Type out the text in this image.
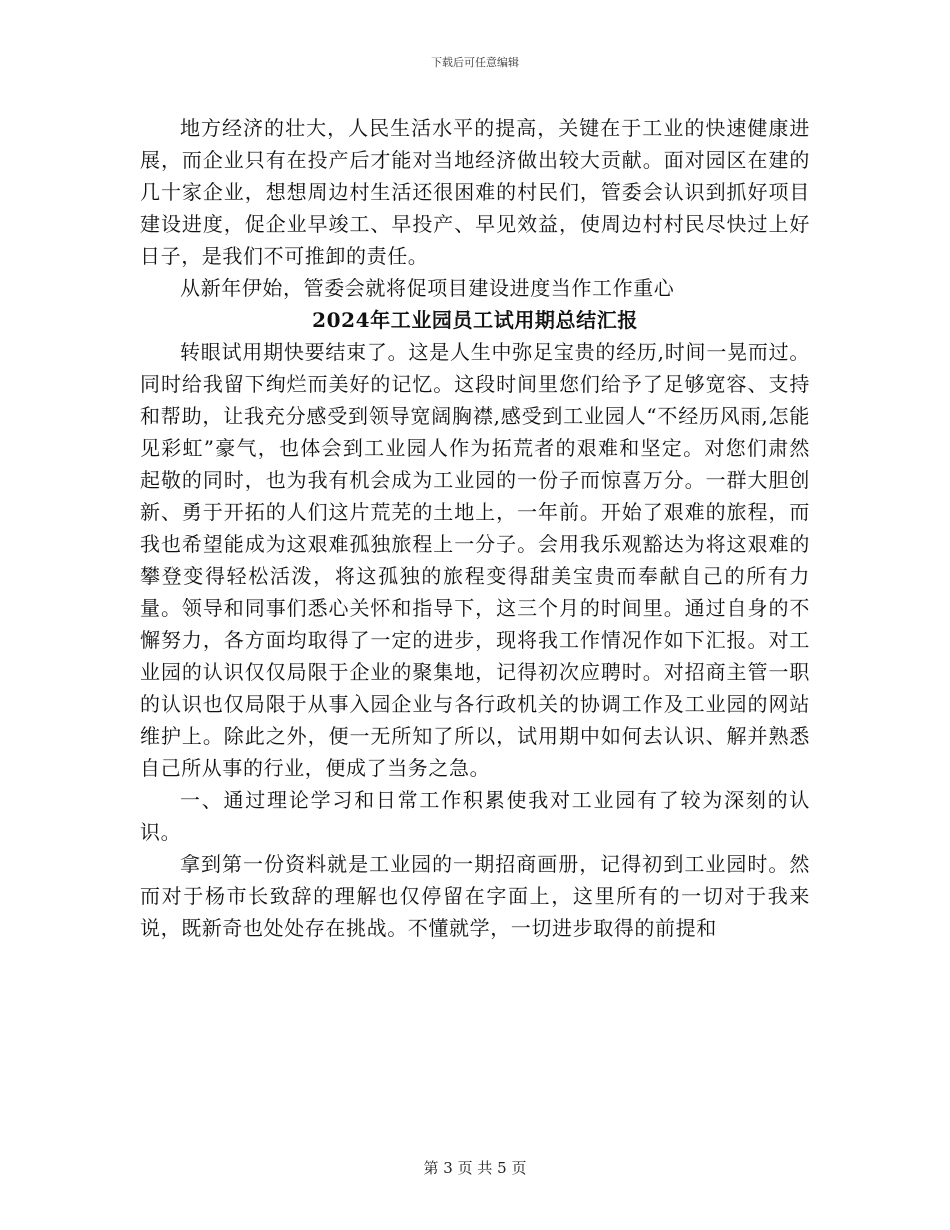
下载后可任意编辑

地方经济的壮大，人民生活水平的提高，关键在于工业的快速健康进展，而企业只有在投产后才能对当地经济做出较大贡献。面对园区在建的几十家企业，想想周边村生活还很困难的村民们，管委会认识到抓好项目建设进度，促企业早竣工、早投产、早见效益，使周边村村民尽快过上好日子，是我们不可推卸的责任。

从新年伊始，管委会就将促项目建设进度当作工作重心

2024年工业园员工试用期总结汇报

转眼试用期快要结束了。这是人生中弥足宝贵的经历,时间一晃而过。同时给我留下绚烂而美好的记忆。这段时间里您们给予了足够宽容、支持和帮助，让我充分感受到领导宽阔胸襟,感受到工业园人“不经历风雨,怎能见彩虹”豪气，也体会到工业园人作为拓荒者的艰难和坚定。对您们肃然起敬的同时，也为我有机会成为工业园的一份子而惊喜万分。一群大胆创新、勇于开拓的人们这片荒芜的土地上，一年前。开始了艰难的旅程，而我也希望能成为这艰难孤独旅程上一分子。会用我乐观豁达为将这艰难的攀登变得轻松活泼，将这孤独的旅程变得甜美宝贵而奉献自己的所有力量。领导和同事们悉心关怀和指导下，这三个月的时间里。通过自身的不懈努力，各方面均取得了一定的进步，现将我工作情况作如下汇报。对工业园的认识仅仅局限于企业的聚集地，记得初次应聘时。对招商主管一职的认识也仅局限于从事入园企业与各行政机关的协调工作及工业园的网站维护上。除此之外，便一无所知了所以，试用期中如何去认识、解并熟悉自己所从事的行业，便成了当务之急。

一、通过理论学习和日常工作积累使我对工业园有了较为深刻的认识。

拿到第一份资料就是工业园的一期招商画册，记得初到工业园时。然而对于杨市长致辞的理解也仅停留在字面上，这里所有的一切对于我来说，既新奇也处处存在挑战。不懂就学，一切进步取得的前提和

第 3 页 共 5 页
